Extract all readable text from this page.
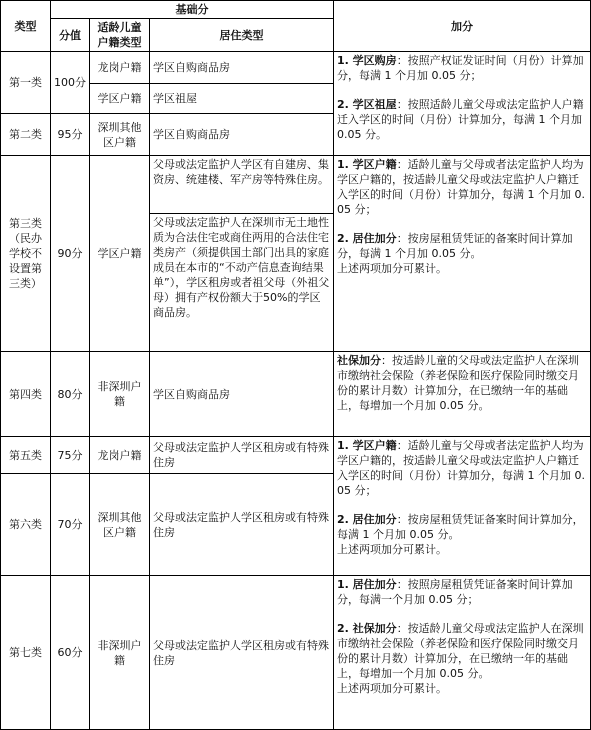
类型	基础分			加分
	分值	适龄儿童户籍类型	居住类型	
第一类	100分	龙岗户籍	学区自购商品房	1. 学区购房：按照产权证发证时间（月份）计算加分，每满 1 个月加 0.05 分；
2. 学区祖屋：按照适龄儿童父母或法定监护人户籍迁入学区的时间（月份）计算加分，每满 1 个月加 0.05 分。
		学区户籍	学区祖屋	
第二类	95分	深圳其他区户籍	学区自购商品房	
第三类（民办学校不设置第三类）	90分	学区户籍	父母或法定监护人学区有自建房、集资房、统建楼、军产房等特殊住房。	1. 学区户籍：适龄儿童与父母或者法定监护人均为学区户籍的，按适龄儿童父母或法定监护人户籍迁入学区的时间（月份）计算加分，每满 1 个月加 0.05 分；
2. 居住加分：按房屋租赁凭证的备案时间计算加分，每满 1 个月加 0.05 分。
上述两项加分可累计。
			父母或法定监护人在深圳市无土地性质为合法住宅或商住两用的合法住宅类房产（须提供国土部门出具的家庭成员在本市的“不动产信息查询结果单”），学区租房或者祖父母（外祖父母）拥有产权份额大于50%的学区商品房。	
第四类	80分	非深圳户籍	学区自购商品房	社保加分：按适龄儿童的父母或法定监护人在深圳市缴纳社会保险（养老保险和医疗保险同时缴交月份的累计月数）计算加分，在已缴纳一年的基础上，每增加一个月加 0.05 分。
第五类	75分	龙岗户籍	父母或法定监护人学区租房或有特殊住房	1. 学区户籍：适龄儿童与父母或者法定监护人均为学区户籍的，按适龄儿童父母或法定监护人户籍迁入学区的时间（月份）计算加分，每满 1 个月加 0.05 分；
2. 居住加分：按房屋租赁凭证备案时间计算加分，每满 1 个月加 0.05 分。
上述两项加分可累计。
第六类	70分	深圳其他区户籍	父母或法定监护人学区租房或有特殊住房	
第七类	60分	非深圳户籍	父母或法定监护人学区租房或有特殊住房	1. 居住加分：按照房屋租赁凭证备案时间计算加分，每满一个月加 0.05 分；
2. 社保加分：按适龄儿童父母或法定监护人在深圳市缴纳社会保险（养老保险和医疗保险同时缴交月份的累计月数）计算加分，在已缴纳一年的基础上，每增加一个月加 0.05 分。
上述两项加分可累计。
